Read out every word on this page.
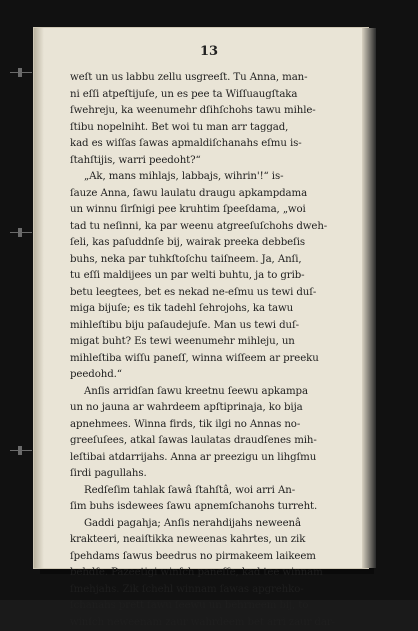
13
weſt un us labbu zellu usgreeſt. Tu Anna, man-
ni eſſi atpeſtijuſe, un es pee ta Wiſſuaugſtaka
ſwehreju, ka weenumehr dſihſchohs tawu mihle-
ſtibu nopelniht. Bet woi tu man arr taggad,
kad es wiſſas ſawas apmaldiſchanahs eſmu is-
ſtahſtijis, warri peedoht?“
„Ak, mans mihlajs, labbajs, wihrin'!“ is-
ſauze Anna, ſawu laulatu draugu apkampdama
un winnu ſirſnigi pee kruhtim ſpeeſdama, „woi
tad tu neſinni, ka par weenu atgreeſuſchohs dweh-
ſeli, kas paſuddnſe bij, wairak preeka debbeſis
buhs, neka par tuhkſtoſchu taiſneem. Ja, Anſi,
tu eſſi maldijees un par welti buhtu, ja to grib-
betu leegtees, bet es nekad ne-eſmu us tewi duſ-
miga bijuſe; es tik tadehl ſehrojohs, ka tawu
mihleſtibu biju paſaudejuſe. Man us tewi duſ-
migat buht? Es tewi weenumehr mihleju, un
mihleſtiba wiſſu paneſſ, winna wiſſeem ar preeku
peedohd.“
Anſis arridſan ſawu kreetnu ſeewu apkampa
un no jauna ar wahrdeem apſtiprinaja, ko bija
apnehmees. Winna firds, tik ilgi no Annas no-
greeſuſees, atkal ſawas laulatas draudſenes mih-
leſtibai atdarrijahs. Anna ar preezigu un lihgſmu
ſirdi pagullahs.
Redſeſim tahlak ſawâ ſtahſtâ, woi arri An-
ſim buhs isdewees ſawu apnemſchanohs turreht.
Gaddi pagahja; Anſis nerahdijahs neweenâ
krakteeri, neaiſtikka neweenas kahrtes, un zik
ſpehdams ſawus beedrus no pirmakeem laikeem
behdſe. Pazeetigi winſch paneſſe, kad tee winnam
ſmehjahs. Zik ſchehl winnam ſawas apgrehko-
ſchanahs prett ſawu ſeewu un behrneem bij, to
winſch neweenam zaur wahrdeem bet arri zaur dar-
